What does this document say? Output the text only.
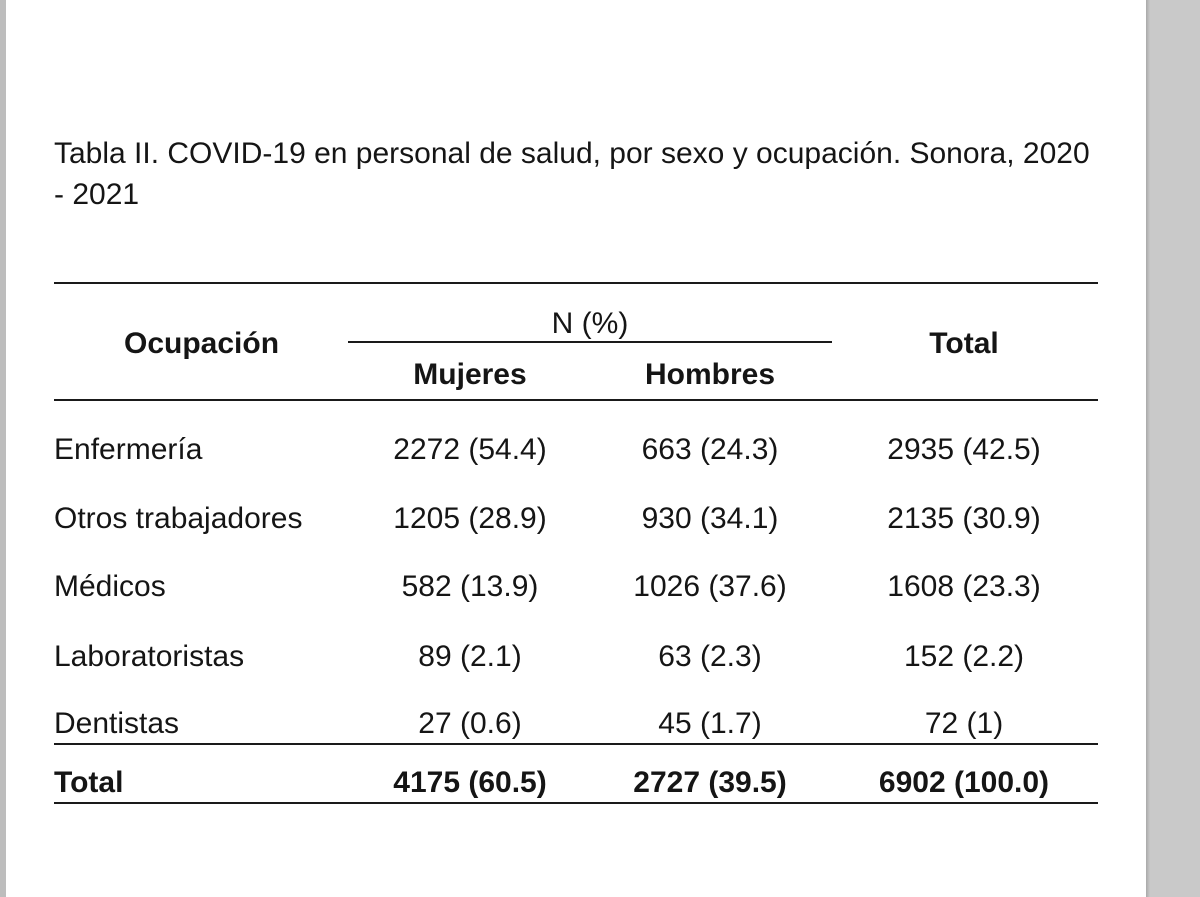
Tabla II. COVID-19 en personal de salud, por sexo y ocupación. Sonora, 2020 - 2021

Ocupación
N (%)
Mujeres	Hombres
Total
Enfermería	2272 (54.4)	663 (24.3)	2935 (42.5)
Otros trabajadores	1205 (28.9)	930 (34.1)	2135 (30.9)
Médicos	582 (13.9)	1026 (37.6)	1608 (23.3)
Laboratoristas	89 (2.1)	63 (2.3)	152 (2.2)
Dentistas	27 (0.6)	45 (1.7)	72 (1)
Total	4175 (60.5)	2727 (39.5)	6902 (100.0)
